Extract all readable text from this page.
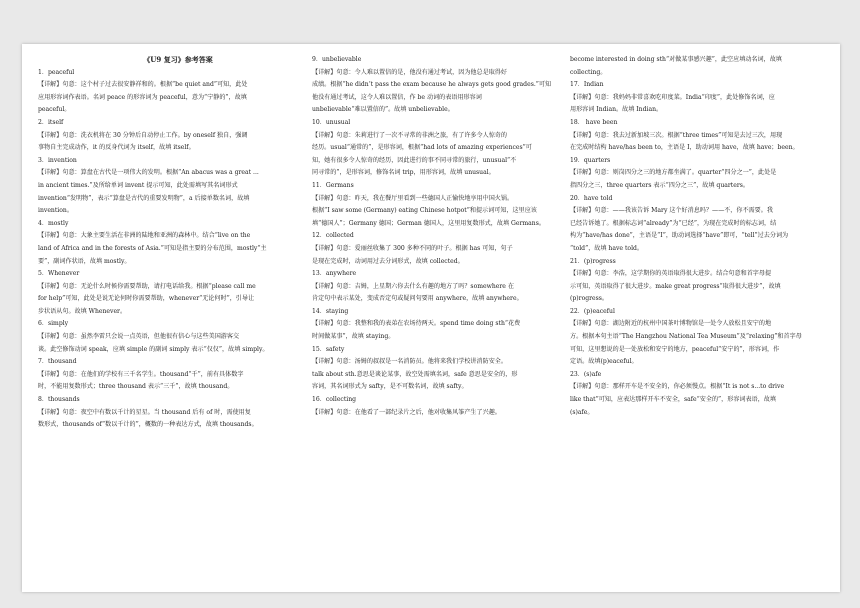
《U9 复习》参考答案
1．peaceful
【详解】句意：这个村子过去很安静祥和的。根据“be quiet and”可知，此处
应用形容词作表语。名词 peace 的形容词为 peaceful，意为“宁静的”，故填
peaceful。
2．itself
【详解】句意：洗衣机将在 30 分钟后自动停止工作。by oneself 独自，强调
事物自主完成动作，it 的反身代词为 itself，故填 itself。
3．invention
【详解】句意：算盘在古代是一项伟大的发明。根据“An abacus was a great ...
in ancient times.”及所给单词 invent 提示可知，此处需填写其名词形式
invention“发明物”，表示“算盘是古代的重要发明物”，a 后接单数名词，故填
invention。
4．mostly
【详解】句意：大象主要生活在非洲的陆地和亚洲的森林中。结合“live on the
land of Africa and in the forests of Asia.”可知是指主要的分布范围，mostly“主
要”，副词作状语，故填 mostly。
5．Whenever
【详解】句意：无论什么时候你需要帮助，请打电话给我。根据“please call me
for help”可知，此处是说无论何时你需要帮助，whenever“无论何时”，引导让
步状语从句。故填 Whenever。
6．simply
【详解】句意：虽然李雷只会说一点英语，但他很有信心与这些美国游客交
谈。此空修饰动词 speak，应填 simple 的副词 simply 表示“仅仅”，故填 simply。
7．thousand
【详解】句意：在他们的学校有三千名学生。thousand“千”，前有具体数字
时，不能用复数形式；three thousand 表示“三千”，故填 thousand。
8．thousands
【详解】句意：夜空中有数以千计的星星。当 thousand 后有 of 时，需使用复
数形式，thousands of“数以千计的”，概数的一种表达方式，故填 thousands。
9．unbelievable
【详解】句意：令人难以置信的是，他没有通过考试，因为他总是取得好
成绩。根据“he didn’t pass the exam because he always gets good grades.”可知
他没有通过考试，这令人难以置信，作 be 动词的表语用形容词
unbelievable“难以置信的”。故填 unbelievable。
10．unusual
【详解】句意：朱莉进行了一次不寻常的非洲之旅，有了许多令人惊奇的
经历。usual“通常的”，是形容词，根据“had lots of amazing experiences”可
知，她有很多令人惊奇的经历，因此进行的事不同寻常的旅行，unusual“不
同寻常的”，是形容词，修饰名词 trip，用形容词，故填 unusual。
11．Germans
【详解】句意：昨天，我在餐厅里看到一些德国人正愉快地享用中国火锅。
根据“I saw some (Germany) eating Chinese hotpot”和提示词可知，这里应该
填“德国人”；Germany 德国；German 德国人，这里用复数形式，故填 Germans。
12．collected
【详解】句意：爱丽丝收集了 300 多种不同的叶子。根据 has 可知，句子
是现在完成时，动词用过去分词形式，故填 collected。
13．anywhere
【详解】句意：吉姆，上星期六你去什么有趣的地方了吗？somewhere 在
肯定句中表示某处，变成否定句或疑问句要用 anywhere，故填 anywhere。
14．staying
【详解】句意：我整和我的表弟在农场待两天。spend time doing sth“花费
时间做某事”，故填 staying。
15．safety
【详解】句意：汤姆的叔叔是一名消防员。他将来我们学校讲消防安全。
talk about sth.意思是谈论某事，故空处需填名词，safe 意思是安全的，形
容词，其名词形式为 safty，是不可数名词，故填 safty。
16．collecting
【详解】句意：在他看了一部纪录片之后，他对收集风筝产生了兴趣。
become interested in doing sth“对做某事感兴趣”，此空应填动名词，故填
collecting。
17．Indian
【详解】句意：我妈妈非常喜欢吃印度菜。India“印度”，此处修饰名词，应
用形容词 Indian。故填 Indian。
18． have been
【详解】句意：我去过新加坡三次。根据“three times”可知是去过三次，用现
在完成时结构 have/has been to，主语是 I，助动词用 have，故填 have；been。
19．quarters
【详解】句意：则岗四分之三的地方都坐满了。quarter“四分之一”，此处是
指四分之三，three quarters 表示“四分之三”，故填 quarters。
20．have told
【详解】句意：——我该告诉 Mary 这个好消息吗？——不，你不需要。我
已经告诉她了。根据标志词“already”为“已经”，为现在完成时的标志词，结
构为“have/has done”，主语是“I”，助动词选择“have”即可，“tell”过去分词为
“told”，故填 have told。
21．(p)rogress
【详解】句意：李浩，这学期你的英语取得很大进步。结合句意和首字母提
示可知，英语取得了很大进步。make great progress“取得很大进步”，故填
(p)rogress。
22．(p)eaceful
【详解】句意：湖边附近的杭州中国茶叶博物馆是一处令人放松且安宁的地
方。根据本句主语“The Hangzhou National Tea Museum”及“relaxing”和首字母
可知，这里想说的是一处放松和安宁的地方，peaceful“安宁的”，形容词，作
定语。故填(p)eaceful。
23．(s)afe
【详解】句意：那样开车是不安全的，你必须慢点。根据“It is not s...to drive
like that”可知，应表达那样开车不安全，safe“安全的”，形容词表语，故填
(s)afe。
